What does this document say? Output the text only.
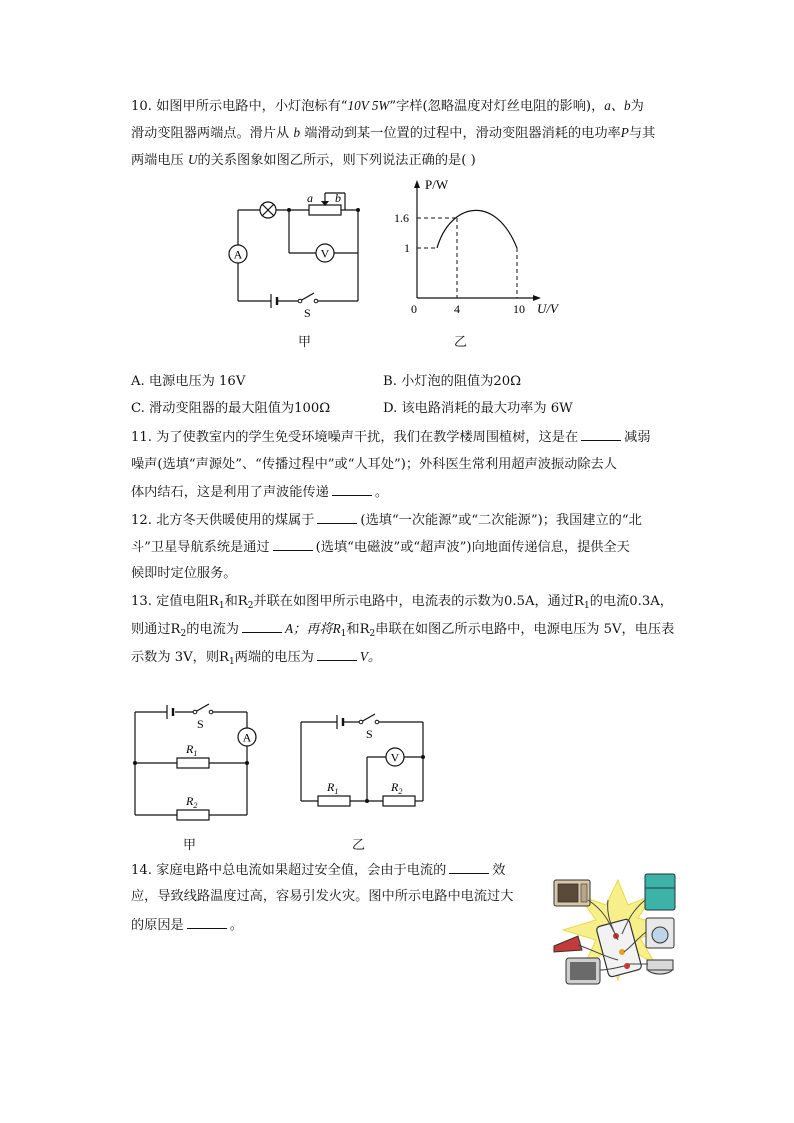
10. 如图甲所示电路中，小灯泡标有“10V 5W”字样(忽略温度对灯丝电阻的影响)，a、b为
滑动变阻器两端点。滑片从 b 端滑动到某一位置的过程中，滑动变阻器消耗的电功率P与其
两端电压 U的关系图象如图乙所示，则下列说法正确的是( )
A	V
a b
S
甲
P/W
U/V
1.6
1
0	4	10
乙
A. 电源电压为 16V	B. 小灯泡的阻值为20Ω
C. 滑动变阻器的最大阻值为100Ω	D. 该电路消耗的最大功率为 6W
11. 为了使教室内的学生免受环境噪声干扰，我们在教学楼周围植树，这是在	减弱
噪声(选填“声源处”、“传播过程中”或“人耳处”)；外科医生常利用超声波振动除去人
体内结石，这是利用了声波能传递	。
12. 北方冬天供暖使用的煤属于	(选填“一次能源”或“二次能源”)；我国建立的“北
斗”卫星导航系统是通过	(选填“电磁波”或“超声波”)向地面传递信息，提供全天
候即时定位服务。
13. 定值电阻$R_1$和$R_2$并联在如图甲所示电路中，电流表的示数为0.5A，通过$R_1$的电流0.3A，
则通过$R_2$的电流为	A；再将$R_1$和$R_2$串联在如图乙所示电路中，电源电压为 5V，电压表
示数为 3V，则$R_1$两端的电压为	V。
S
A
$R_1$
$R_2$
甲
S
V
$R_1$	$R_2$
乙
14. 家庭电路中总电流如果超过安全值，会由于电流的	效
应，导致线路温度过高，容易引发火灾。图中所示电路中电流过大
的原因是	。
